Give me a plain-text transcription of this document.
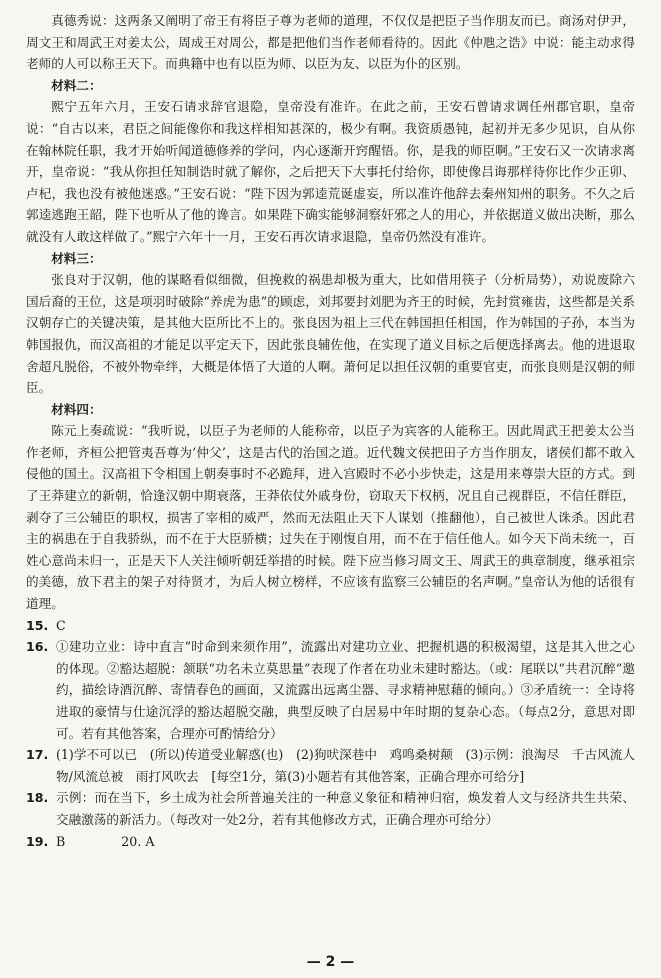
真德秀说：这两条又阐明了帝王有将臣子尊为老师的道理，不仅仅是把臣子当作朋友而已。商汤对伊尹，周文王和周武王对姜太公，周成王对周公，都是把他们当作老师看待的。因此《仲虺之诰》中说：能主动求得老师的人可以称王天下。而典籍中也有以臣为师、以臣为友、以臣为仆的区别。

材料二：

熙宁五年六月，王安石请求辞官退隐，皇帝没有准许。在此之前，王安石曾请求调任州郡官职，皇帝说：“自古以来，君臣之间能像你和我这样相知甚深的，极少有啊。我资质愚钝，起初并无多少见识，自从你在翰林院任职，我才开始听闻道德修养的学问，内心逐渐开窍醒悟。你，是我的师臣啊。”王安石又一次请求离开，皇帝说：“我从你担任知制诰时就了解你，之后把天下大事托付给你，即使像吕诲那样待你比作少正卯、卢杞，我也没有被他迷惑。”王安石说：“陛下因为郭逵荒诞虚妄，所以准许他辞去秦州知州的职务。不久之后郭逵逃跑王韶，陛下也听从了他的谗言。如果陛下确实能够洞察奸邪之人的用心，并依据道义做出决断，那么就没有人敢这样做了。”熙宁六年十一月，王安石再次请求退隐，皇帝仍然没有准许。

材料三：

张良对于汉朝，他的谋略看似细微，但挽救的祸患却极为重大，比如借用筷子（分析局势），劝说废除六国后裔的王位，这是项羽时破除“养虎为患”的顾虑，刘邦要封刘肥为齐王的时候，先封赏雍齿，这些都是关系汉朝存亡的关键决策，是其他大臣所比不上的。张良因为祖上三代在韩国担任相国，作为韩国的子孙，本当为韩国报仇，而汉高祖的才能足以平定天下，因此张良辅佐他，在实现了道义目标之后便选择离去。他的进退取舍超凡脱俗，不被外物牵绊，大概是体悟了大道的人啊。萧何足以担任汉朝的重要官吏，而张良则是汉朝的师臣。

材料四：

陈元上奏疏说：“我听说，以臣子为老师的人能称帝，以臣子为宾客的人能称王。因此周武王把姜太公当作老师，齐桓公把管夷吾尊为‘仲父’，这是古代的治国之道。近代魏文侯把田子方当作朋友，诸侯们都不敢入侵他的国土。汉高祖下令相国上朝奏事时不必跪拜，进入宫殿时不必小步快走，这是用来尊崇大臣的方式。到了王莽建立的新朝，恰逢汉朝中期衰落，王莽依仗外戚身份，窃取天下权柄，况且自己视群臣，不信任群臣，剥夺了三公辅臣的职权，损害了宰相的威严，然而无法阻止天下人谋划（推翻他），自己被世人诛杀。因此君主的祸患在于自我骄纵，而不在于大臣骄横；过失在于刚愎自用，而不在于信任他人。如今天下尚未统一，百姓心意尚未归一，正是天下人关注倾听朝廷举措的时候。陛下应当修习周文王、周武王的典章制度，继承祖宗的美德，放下君主的架子对待贤才，为后人树立榜样，不应该有监察三公辅臣的名声啊。”皇帝认为他的话很有道理。

15. C
16. ①建功立业：诗中直言“时命到来须作用”，流露出对建功立业、把握机遇的积极渴望，这是其入世之心的体现。②豁达超脱：颔联“功名未立莫思量”表现了作者在功业未建时豁达。（或：尾联以“共君沉醉”邀约，描绘诗酒沉醉、寄情春色的画面，又流露出远离尘器、寻求精神慰藉的倾向。）③矛盾统一：全诗将进取的豪情与仕途沉浮的豁达超脱交融，典型反映了白居易中年时期的复杂心态。（每点2分，意思对即可。若有其他答案，合理亦可酌情给分）
17. (1)学不可以已　(所以)传道受业解惑(也)　(2)狗吠深巷中　鸡鸣桑树颠　(3)示例：浪淘尽　千古风流人物/风流总被　雨打风吹去　[每空1分，第(3)小题若有其他答案，正确合理亦可给分]
18. 示例：而在当下，乡土成为社会所普遍关注的一种意义象征和精神归宿，焕发着人文与经济共生共荣、交融激荡的新活力。（每改对一处2分，若有其他修改方式，正确合理亦可给分）
19. B	20. A
— 2 —
